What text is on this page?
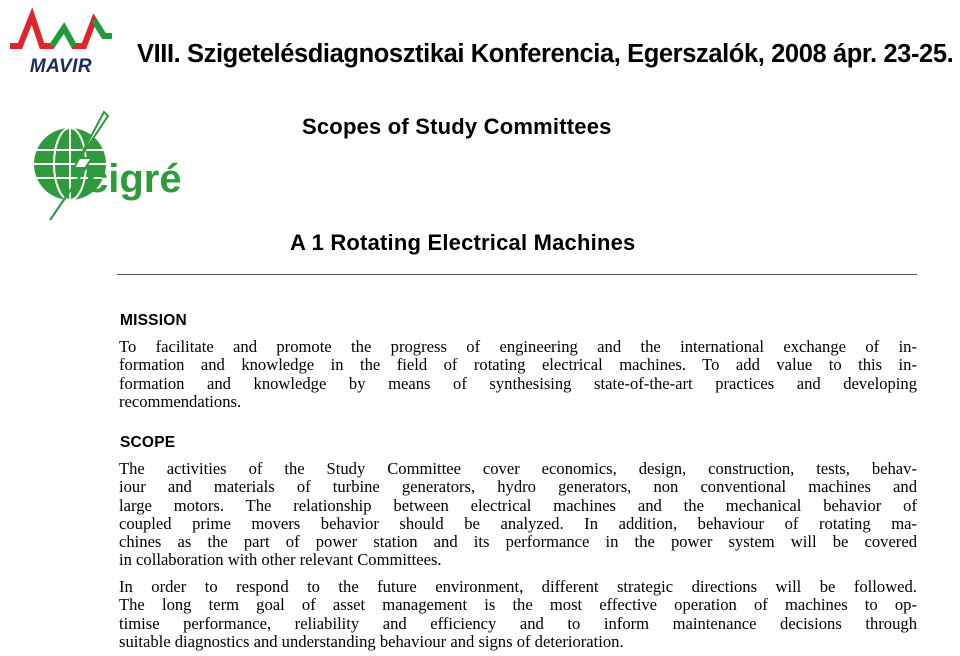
MAVIR	VIII. Szigetelésdiagnosztikai Konferencia, Egerszalók, 2008 ápr. 23-25.
cigré
Scopes of Study Committees
A 1 Rotating Electrical Machines
MISSION
To facilitate and promote the progress of engineering and the international exchange of in-
formation and knowledge in the field of rotating electrical machines. To add value to this in-
formation and knowledge by means of synthesising state-of-the-art practices and developing
recommendations.
SCOPE
The activities of the Study Committee cover economics, design, construction, tests, behav-
iour and materials of turbine generators, hydro generators, non conventional machines and
large motors. The relationship between electrical machines and the mechanical behavior of
coupled prime movers behavior should be analyzed. In addition, behaviour of rotating ma-
chines as the part of power station and its performance in the power system will be covered
in collaboration with other relevant Committees.
In order to respond to the future environment, different strategic directions will be followed.
The long term goal of asset management is the most effective operation of machines to op-
timise performance, reliability and efficiency and to inform maintenance decisions through
suitable diagnostics and understanding behaviour and signs of deterioration.
